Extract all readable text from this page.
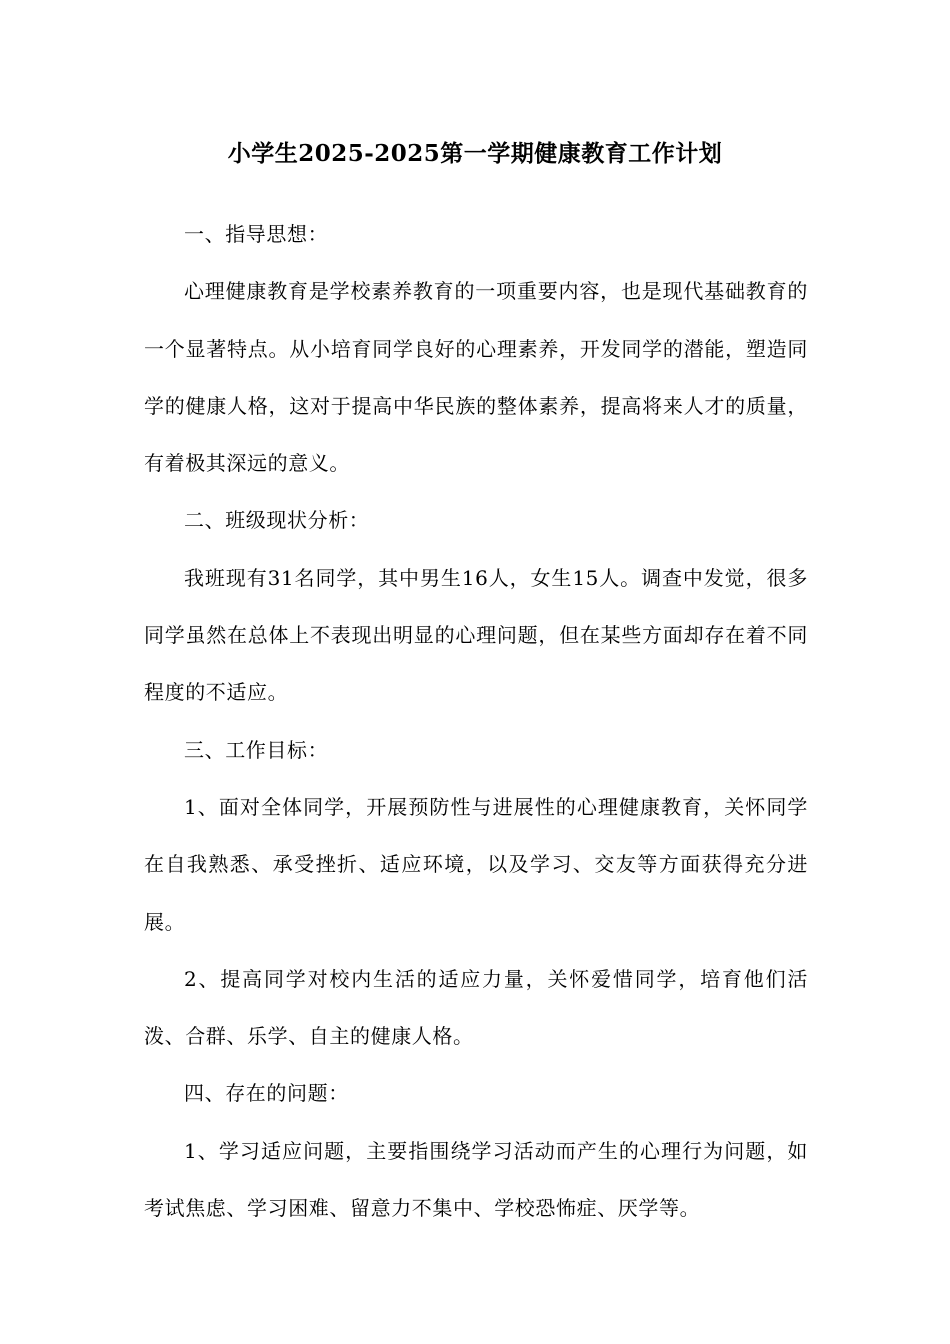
小学生2025-2025第一学期健康教育工作计划

一、指导思想：

心理健康教育是学校素养教育的一项重要内容，也是现代基础教育的一个显著特点。从小培育同学良好的心理素养，开发同学的潜能，塑造同学的健康人格，这对于提高中华民族的整体素养，提高将来人才的质量，有着极其深远的意义。

二、班级现状分析：

我班现有31名同学，其中男生16人，女生15人。调查中发觉，很多同学虽然在总体上不表现出明显的心理问题，但在某些方面却存在着不同程度的不适应。

三、工作目标：

1、面对全体同学，开展预防性与进展性的心理健康教育，关怀同学在自我熟悉、承受挫折、适应环境，以及学习、交友等方面获得充分进展。

2、提高同学对校内生活的适应力量，关怀爱惜同学，培育他们活泼、合群、乐学、自主的健康人格。

四、存在的问题：

1、学习适应问题，主要指围绕学习活动而产生的心理行为问题，如考试焦虑、学习困难、留意力不集中、学校恐怖症、厌学等。
